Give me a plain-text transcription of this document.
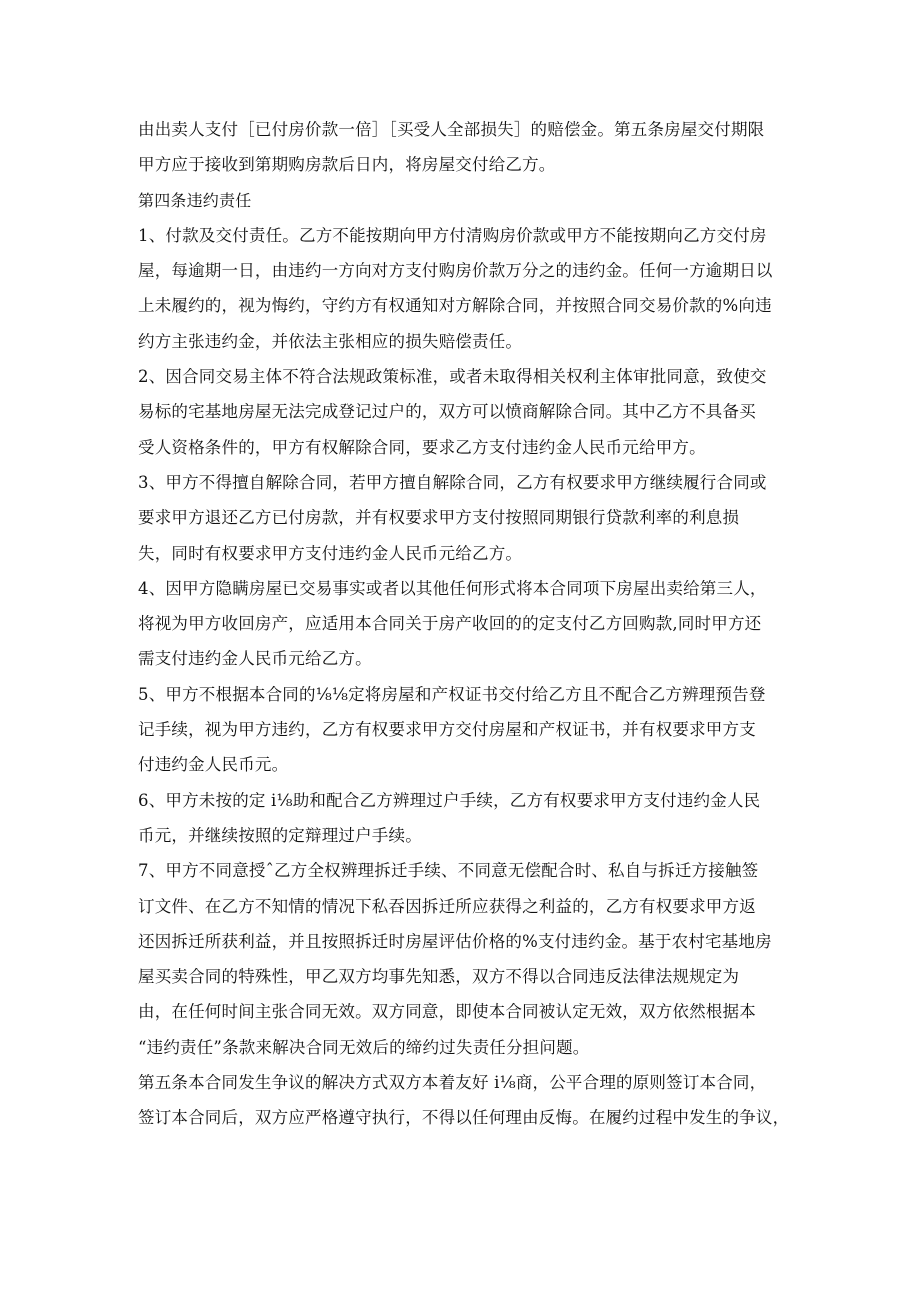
由出卖人支付［已付房价款一倍］［买受人全部损失］的赔偿金。第五条房屋交付期限
甲方应于接收到第期购房款后日内，将房屋交付给乙方。
第四条违约责任
1、付款及交付责任。乙方不能按期向甲方付清购房价款或甲方不能按期向乙方交付房
屋，每逾期一日，由违约一方向对方支付购房价款万分之的违约金。任何一方逾期日以
上未履约的，视为悔约，守约方有权通知对方解除合同，并按照合同交易价款的%向违
约方主张违约金，并依法主张相应的损失赔偿责任。
2、因合同交易主体不符合法规政策标准，或者未取得相关权利主体审批同意，致使交
易标的宅基地房屋无法完成登记过户的，双方可以愤商解除合同。其中乙方不具备买
受人资格条件的，甲方有权解除合同，要求乙方支付违约金人民币元给甲方。
3、甲方不得擅自解除合同，若甲方擅自解除合同，乙方有权要求甲方继续履行合同或
要求甲方退还乙方已付房款，并有权要求甲方支付按照同期银行贷款利率的利息损
失，同时有权要求甲方支付违约金人民币元给乙方。
4、因甲方隐瞒房屋已交易事实或者以其他任何形式将本合同项下房屋出卖给第三人，
将视为甲方收回房产，应适用本合同关于房产收回的的定支付乙方回购款,同时甲方还
需支付违约金人民币元给乙方。
5、甲方不根据本合同的⅛⅛定将房屋和产权证书交付给乙方且不配合乙方辨理预告登
记手续，视为甲方违约，乙方有权要求甲方交付房屋和产权证书，并有权要求甲方支
付违约金人民币元。
6、甲方未按的定 i⅛助和配合乙方辨理过户手续，乙方有权要求甲方支付违约金人民
币元，并继续按照的定辩理过户手续。
7、甲方不同意授ˆ乙方全权辨理拆迁手续、不同意无偿配合时、私自与拆迁方接触签
订文件、在乙方不知情的情况下私吞因拆迁所应获得之利益的，乙方有权要求甲方返
还因拆迁所获利益，并且按照拆迁时房屋评估价格的%支付违约金。基于农村宅基地房
屋买卖合同的特殊性，甲乙双方均事先知悉，双方不得以合同违反法律法规规定为
由，在任何时间主张合同无效。双方同意，即使本合同被认定无效，双方依然根据本
“违约责任”条款来解决合同无效后的缔约过失责任分担问题。
第五条本合同发生争议的解决方式双方本着友好 i⅛商，公平合理的原则签订本合同，
签订本合同后，双方应严格遵守执行，不得以任何理由反悔。在履约过程中发生的争议，
